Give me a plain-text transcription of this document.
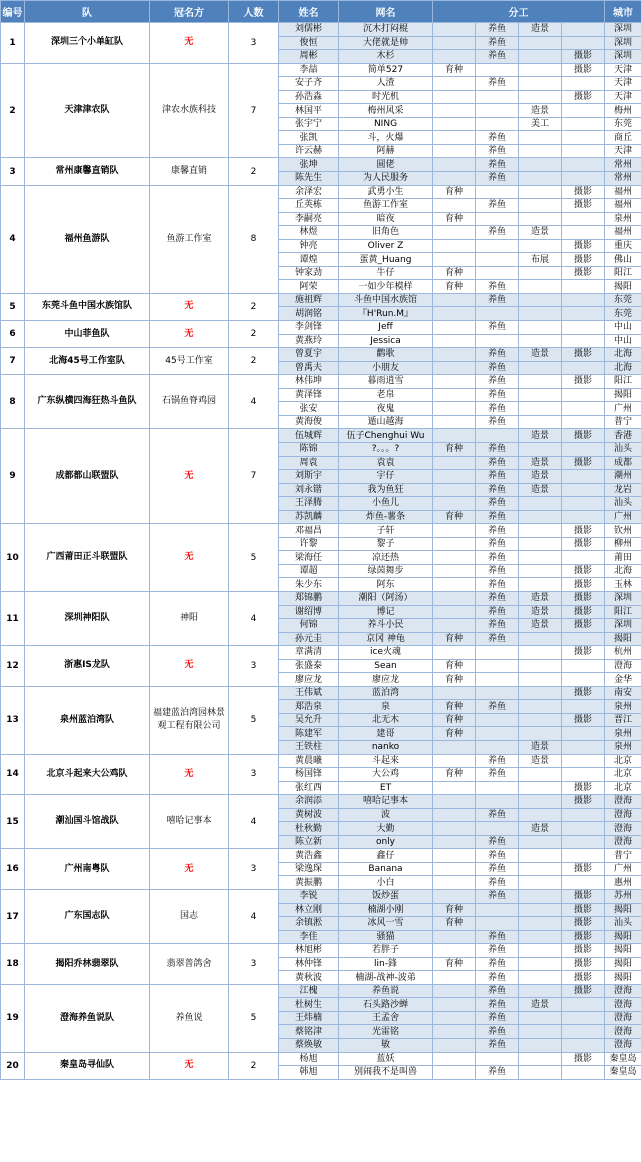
编号	队	冠名方	人数	姓名	网名	分工				城市
1	深圳三个小单缸队	无	3	刘儒彬	沉木打闷棍		养鱼	造景		深圳
				俊恒	大佬就是帅		养鱼			深圳
				周彬	木杉		养鱼		摄影	深圳
2	天津津农队	津农水族科技	7	李喆	简单527	育种			摄影	天津
				安子齐	人渣		养鱼			天津
				孙浩淼	时光机				摄影	天津
				林国平	梅州风采			造景		梅州
				张宇宁	NING			美工		东莞
				张凯	斗，火爆		养鱼			商丘
				许云赫	阿赫		养鱼			天津
3	常州康馨直销队	康馨直销	2	张坤	圆佬		养鱼			常州
				陈先生	为人民服务		养鱼			常州
4	福州鱼游队	鱼游工作室	8	余泽宏	武勇小生	育种			摄影	福州
				丘英栋	鱼游工作室		养鱼		摄影	福州
				李嗣亮	暗夜	育种				泉州
				林煜	旧角色		养鱼	造景		福州
				钟亮	Oliver Z				摄影	重庆
				谭煌	蛋黄_Huang			布展	摄影	佛山
				钟家劲	牛仔	育种			摄影	阳江
				阿荣	一如少年模样	育种	养鱼			揭阳
5	东莞斗鱼中国水族馆队	无	2	施祖辉	斗鱼中国水族馆		养鱼			东莞
				胡润铭	『H'Run.M』					东莞
6	中山菲鱼队	无	2	李剑锋	Jeff		养鱼			中山
				黄燕玲	Jessica					中山
7	北海45号工作室队	45号工作室	2	曾夏宇	鹳歌		养鱼	造景	摄影	北海
				曾禹夫	小朋友		养鱼			北海
8	广东纵横四海狂热斗鱼队	石锅鱼脊鸡园	4	林伟坤	暮雨逍雪		养鱼		摄影	阳江
				黄泽锋	老帛		养鱼			揭阳
				张安	夜鬼		养鱼			广州
				黄海俊	遁山越海		养鱼			普宁
9	成都都山联盟队	无	7	伍城辉	伍子Chenghui Wu			造景	摄影	香港
				陈锦	?。。。?	育种	养鱼			汕头
				周袁	袁袁		养鱼	造景	摄影	成都
				刘斯宇	宇仔		养鱼	造景		潮州
				刘永锴	我为鱼狂		养鱼	造景		龙岩
				王泽腾	小鱼儿		养鱼			汕头
				苏凯麟	炸鱼-薯条	育种	养鱼			广州
10	广西莆田正斗联盟队	无	5	邓福昌	子轩		养鱼		摄影	钦州
				许黎	黎子		养鱼		摄影	柳州
				梁海任	凉还热		养鱼			莆田
				谭超	绿茵舞步		养鱼		摄影	北海
				朱少东	阿东		养鱼		摄影	玉林
11	深圳神阳队	神阳	4	郑锦鹏	潮阳（阿汤）		养鱼	造景	摄影	深圳
				谢绍博	博记		养鱼	造景	摄影	阳江
				何锦	养斗小民		养鱼	造景	摄影	深圳
				孙元圭	京冈 神龟	育种	养鱼			揭阳
12	浙惠IS龙队	无	3	章满清	ice火魂				摄影	杭州
				张盛泰	Sean	育种				澄海
				廖应龙	廖应龙	育种				金华
13	泉州蓝泊湾队	福建蓝泊湾园林景观工程有限公司	5	王伟斌	蓝泊湾				摄影	南安
				郑浩泉	泉	育种	养鱼			泉州
				吴允升	北无木	育种			摄影	晋江
				陈建军	建哥	育种				泉州
				王铁柱	nanko			造景		泉州
14	北京斗起来大公鸡队	无	3	黄晨曦	斗起来		养鱼	造景		北京
				杨国锋	大公鸡	育种	养鱼			北京
				张红西	ET				摄影	北京
15	潮汕国斗馆战队	嘻哈记事本	4	余润添	嘻哈记事本				摄影	澄海
				黄树波	波		养鱼			澄海
				杜秋勤	大勤			造景		澄海
				陈立新	only		养鱼			澄海
16	广州南粤队	无	3	黄浩鑫	鑫仔		养鱼			普宁
				梁逸琛	Banana		养鱼		摄影	广州
				黄振鹏	小白		养鱼			惠州
17	广东国志队	国志	4	李锐	饭炒蛋		养鱼		摄影	苏州
				林立刚	楠湖小刚	育种			摄影	揭阳
				余镇淞	冰风一雪	育种			摄影	汕头
				李佳	骚猫		养鱼		摄影	揭阳
18	揭阳乔林翡翠队	翡翠普鸽舍	3	林旭彬	若胖子		养鱼		摄影	揭阳
				林仲锋	lin-鋒	育种	养鱼		摄影	揭阳
				黄秋波	楠湖-战神-波弟		养鱼		摄影	揭阳
19	澄海养鱼说队	养鱼说	5	江槐	养鱼说		养鱼		摄影	澄海
				杜树生	石头路沙蝉		养鱼	造景		澄海
				王炜楠	王孟舍		养鱼			澄海
				蔡铭津	光雷铭		养鱼			澄海
				蔡焕敏	敏		养鱼			澄海
20	秦皇岛寻仙队	无	2	杨旭	蓝妖				摄影	秦皇岛
				韩旭	别闹我不是叫兽		养鱼			秦皇岛
